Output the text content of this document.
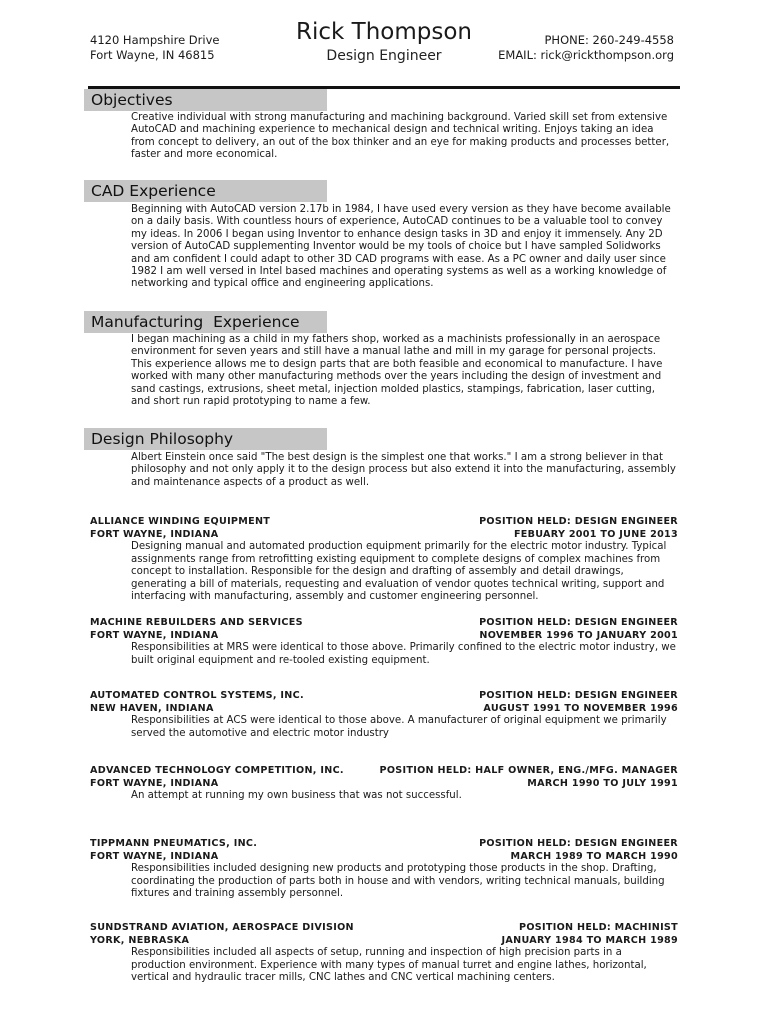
4120 Hampshire Drive
Fort Wayne, IN 46815
Rick Thompson
Design Engineer
PHONE: 260-249-4558
EMAIL: rick@rickthompson.org
Objectives
Creative individual with strong manufacturing and machining background. Varied skill set from extensive AutoCAD and machining experience to mechanical design and technical writing. Enjoys taking an idea from concept to delivery, an out of the box thinker and an eye for making products and processes better, faster and more economical.
CAD Experience
Beginning with AutoCAD version 2.17b in 1984, I have used every version as they have become available on a daily basis. With countless hours of experience, AutoCAD continues to be a valuable tool to convey my ideas. In 2006 I began using Inventor to enhance design tasks in 3D and enjoy it immensely. Any 2D version of AutoCAD supplementing Inventor would be my tools of choice but I have sampled Solidworks and am confident I could adapt to other 3D CAD programs with ease. As a PC owner and daily user since 1982 I am well versed in Intel based machines and operating systems as well as a working knowledge of networking and typical office and engineering applications.
Manufacturing  Experience
I began machining as a child in my fathers shop, worked as a machinists professionally in an aerospace environment for seven years and still have a manual lathe and mill in my garage for personal projects. This experience allows me to design parts that are both feasible and economical to manufacture. I have worked with many other manufacturing methods over the years including the design of investment and sand castings, extrusions, sheet metal, injection molded plastics, stampings, fabrication, laser cutting, and short run rapid prototyping to name a few.
Design Philosophy
Albert Einstein once said "The best design is the simplest one that works." I am a strong believer in that philosophy and not only apply it to the design process but also extend it into the manufacturing, assembly and maintenance aspects of a product as well.
ALLIANCE WINDING EQUIPMENT	POSITION HELD: DESIGN ENGINEER
FORT WAYNE, INDIANA	FEBUARY 2001 TO JUNE 2013
Designing manual and automated production equipment primarily for the electric motor industry. Typical assignments range from retrofitting existing equipment to complete designs of complex machines from concept to installation. Responsible for the design and drafting of assembly and detail drawings, generating a bill of materials, requesting and evaluation of vendor quotes technical writing, support and interfacing with manufacturing, assembly and customer engineering personnel.
MACHINE REBUILDERS AND SERVICES	POSITION HELD: DESIGN ENGINEER
FORT WAYNE, INDIANA	NOVEMBER 1996 TO JANUARY 2001
Responsibilities at MRS were identical to those above. Primarily confined to the electric motor industry, we built original equipment and re-tooled existing equipment.
AUTOMATED CONTROL SYSTEMS, INC.	POSITION HELD: DESIGN ENGINEER
NEW HAVEN, INDIANA	AUGUST 1991 TO NOVEMBER 1996
Responsibilities at ACS were identical to those above. A manufacturer of original equipment we primarily served the automotive and electric motor industry
ADVANCED TECHNOLOGY COMPETITION, INC.	POSITION HELD: HALF OWNER, ENG./MFG. MANAGER
FORT WAYNE, INDIANA	MARCH 1990 TO JULY 1991
An attempt at running my own business that was not successful.
TIPPMANN PNEUMATICS, INC.	POSITION HELD: DESIGN ENGINEER
FORT WAYNE, INDIANA	MARCH 1989 TO MARCH 1990
Responsibilities included designing new products and prototyping those products in the shop. Drafting, coordinating the production of parts both in house and with vendors, writing technical manuals, building fixtures and training assembly personnel.
SUNDSTRAND AVIATION, AEROSPACE DIVISION	POSITION HELD: MACHINIST
YORK, NEBRASKA	JANUARY 1984 TO MARCH 1989
Responsibilities included all aspects of setup, running and inspection of high precision parts in a production environment. Experience with many types of manual turret and engine lathes, horizontal, vertical and hydraulic tracer mills, CNC lathes and CNC vertical machining centers.
